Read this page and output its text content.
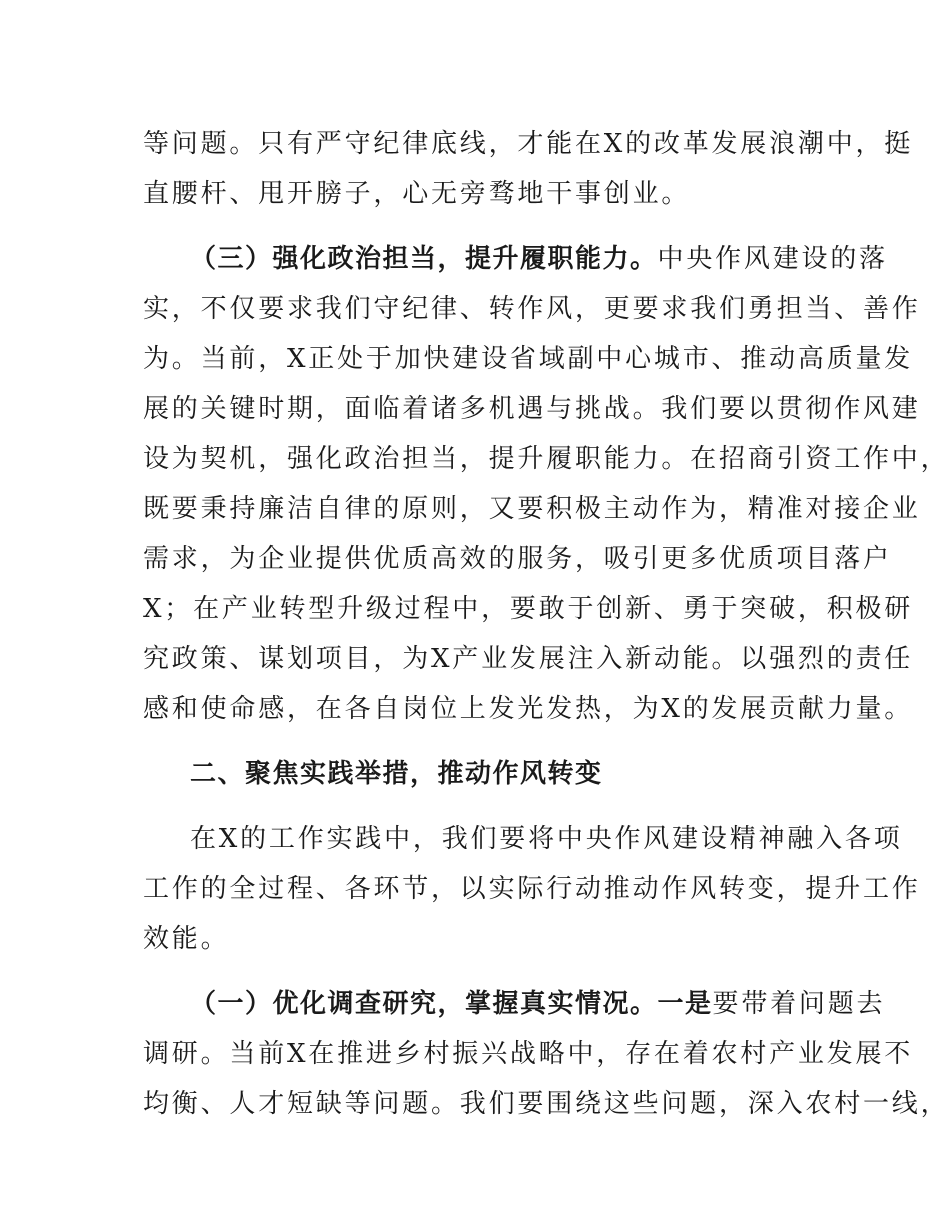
等问题。只有严守纪律底线，才能在X的改革发展浪潮中，挺
直腰杆、甩开膀子，心无旁骛地干事创业。
（三）强化政治担当，提升履职能力。中央作风建设的落
实，不仅要求我们守纪律、转作风，更要求我们勇担当、善作
为。当前，X正处于加快建设省域副中心城市、推动高质量发
展的关键时期，面临着诸多机遇与挑战。我们要以贯彻作风建
设为契机，强化政治担当，提升履职能力。在招商引资工作中，
既要秉持廉洁自律的原则，又要积极主动作为，精准对接企业
需求，为企业提供优质高效的服务，吸引更多优质项目落户
X；在产业转型升级过程中，要敢于创新、勇于突破，积极研
究政策、谋划项目，为X产业发展注入新动能。以强烈的责任
感和使命感，在各自岗位上发光发热，为X的发展贡献力量。
二、聚焦实践举措，推动作风转变
在X的工作实践中，我们要将中央作风建设精神融入各项
工作的全过程、各环节，以实际行动推动作风转变，提升工作
效能。
（一）优化调查研究，掌握真实情况。一是要带着问题去
调研。当前X在推进乡村振兴战略中，存在着农村产业发展不
均衡、人才短缺等问题。我们要围绕这些问题，深入农村一线，
